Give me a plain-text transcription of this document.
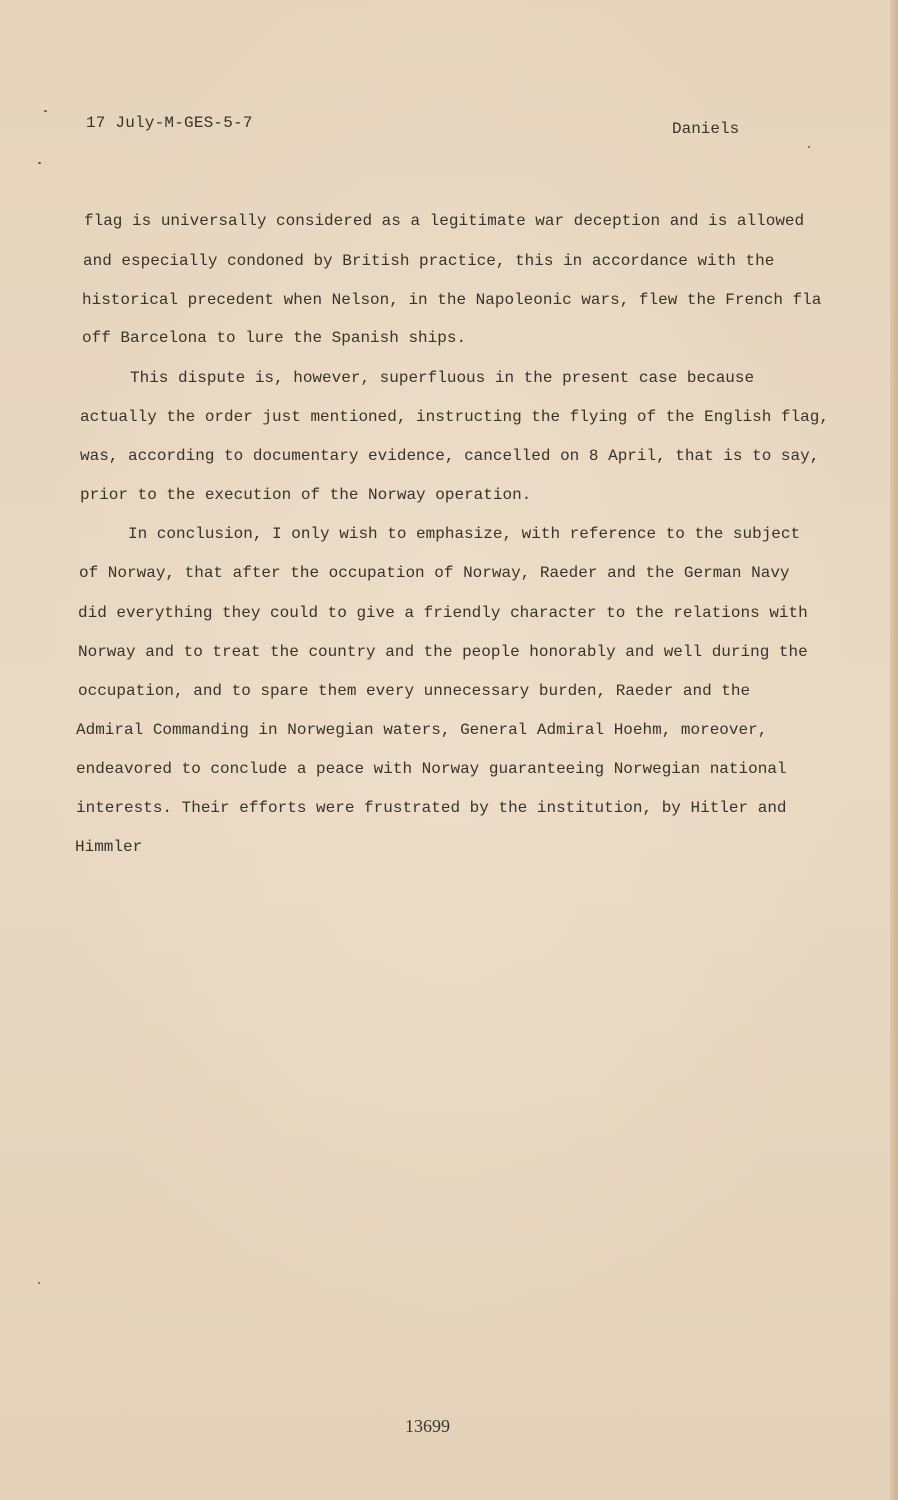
17 July-M-GES-5-7	Daniels
flag is universally considered as a legitimate war deception and is allowed
and especially condoned by British practice, this in accordance with the
historical precedent when Nelson, in the Napoleonic wars, flew the French fla
off Barcelona to lure the Spanish ships.
This dispute is, however, superfluous in the present case because
actually the order just mentioned, instructing the flying of the English flag,
was, according to documentary evidence, cancelled on 8 April, that is to say,
prior to the execution of the Norway operation.
In conclusion, I only wish to emphasize, with reference to the subject
of Norway, that after the occupation of Norway, Raeder and the German Navy
did everything they could to give a friendly character to the relations with
Norway and to treat the country and the people honorably and well during the
occupation, and to spare them every unnecessary burden, Raeder and the
Admiral Commanding in Norwegian waters, General Admiral Hoehm, moreover,
endeavored to conclude a peace with Norway guaranteeing Norwegian national
interests. Their efforts were frustrated by the institution, by Hitler and
Himmler
13699
